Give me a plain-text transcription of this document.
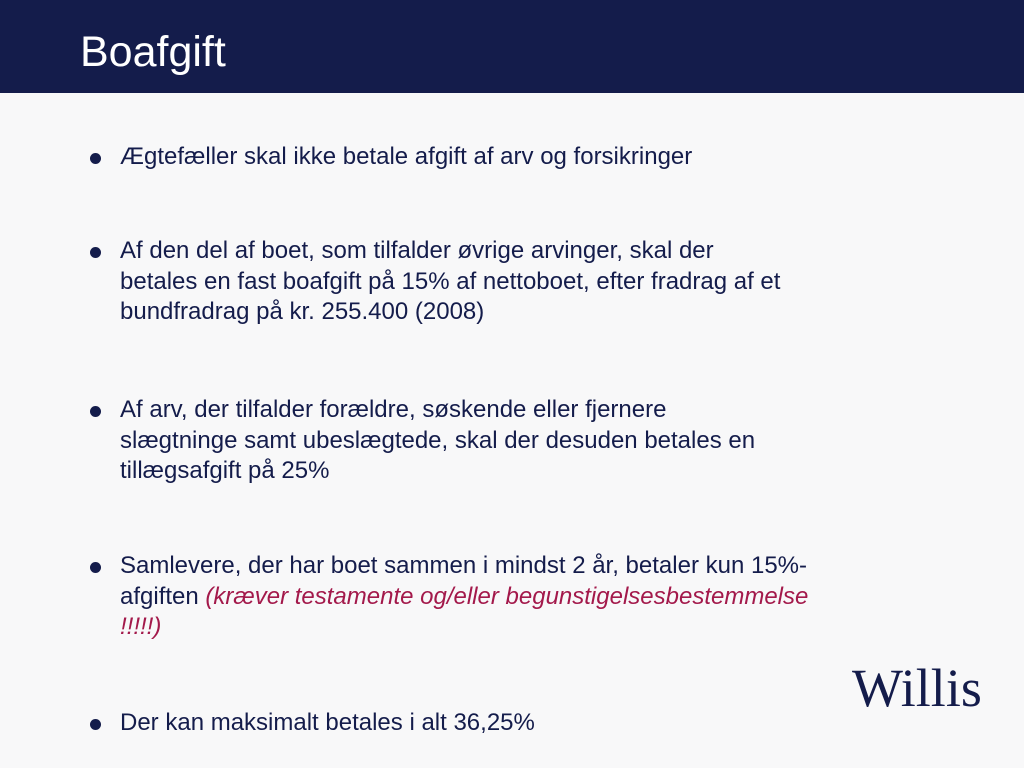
Boafgift
Ægtefæller skal ikke betale afgift af arv og forsikringer
Af den del af boet, som tilfalder øvrige arvinger, skal der betales en fast boafgift på 15% af nettoboet, efter fradrag af et bundfradrag på kr. 255.400 (2008)
Af arv, der tilfalder forældre, søskende eller fjernere slægtninge samt ubeslægtede, skal der desuden betales en tillægsafgift på 25%
Samlevere, der har boet sammen i mindst 2 år, betaler kun 15%-afgiften (kræver testamente og/eller begunstigelsesbestemmelse !!!!!)
Der kan maksimalt betales i alt 36,25%
Willis
